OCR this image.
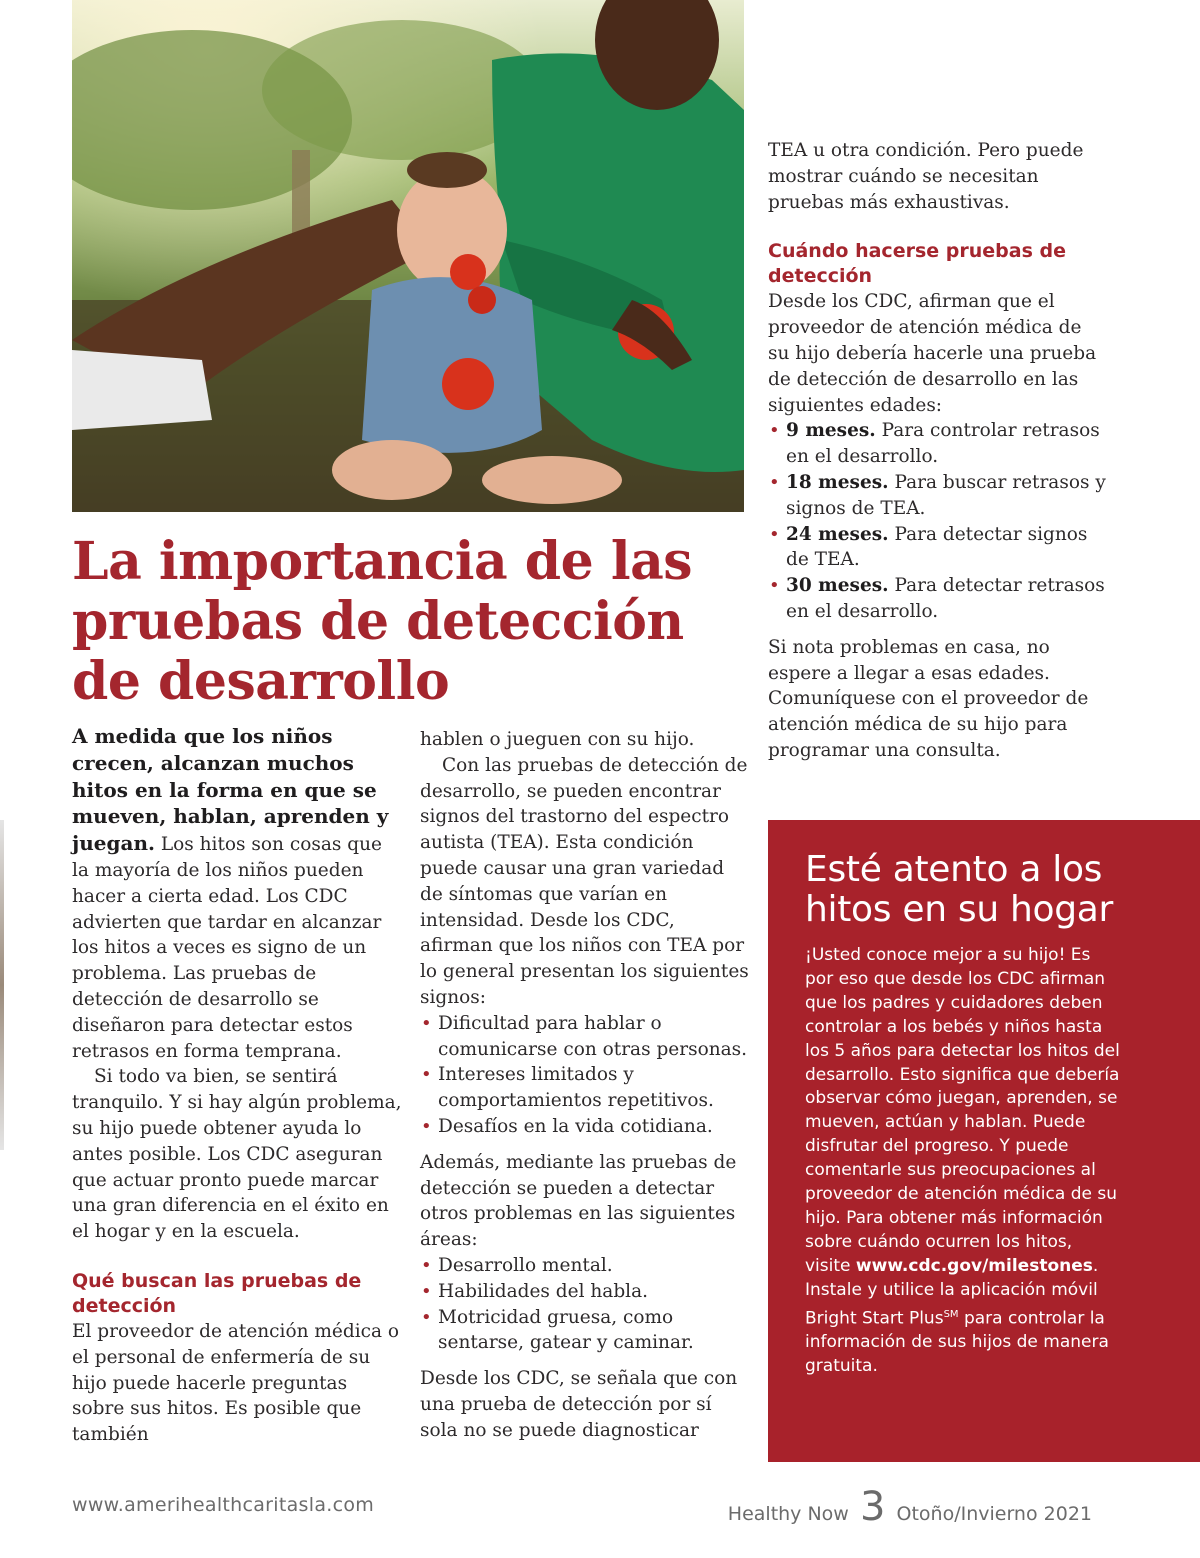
La importancia de las pruebas de detección de desarrollo

A medida que los niños crecen, alcanzan muchos hitos en la forma en que se mueven, hablan, aprenden y juegan. Los hitos son cosas que la mayoría de los niños pueden hacer a cierta edad. Los CDC advierten que tardar en alcanzar los hitos a veces es signo de un problema. Las pruebas de detección de desarrollo se diseñaron para detectar estos retrasos en forma temprana.

Si todo va bien, se sentirá tranquilo. Y si hay algún problema, su hijo puede obtener ayuda lo antes posible. Los CDC aseguran que actuar pronto puede marcar una gran diferencia en el éxito en el hogar y en la escuela.

Qué buscan las pruebas de detección

El proveedor de atención médica o el personal de enfermería de su hijo puede hacerle preguntas sobre sus hitos. Es posible que también

hablen o jueguen con su hijo.

Con las pruebas de detección de desarrollo, se pueden encontrar signos del trastorno del espectro autista (TEA). Esta condición puede causar una gran variedad de síntomas que varían en intensidad. Desde los CDC, afirman que los niños con TEA por lo general presentan los siguientes signos:

• Dificultad para hablar o comunicarse con otras personas.
• Intereses limitados y comportamientos repetitivos.
• Desafíos en la vida cotidiana.

Además, mediante las pruebas de detección se pueden a detectar otros problemas en las siguientes áreas:

• Desarrollo mental.
• Habilidades del habla.
• Motricidad gruesa, como sentarse, gatear y caminar.

Desde los CDC, se señala que con una prueba de detección por sí sola no se puede diagnosticar

TEA u otra condición. Pero puede mostrar cuándo se necesitan pruebas más exhaustivas.

Cuándo hacerse pruebas de detección

Desde los CDC, afirman que el proveedor de atención médica de su hijo debería hacerle una prueba de detección de desarrollo en las siguientes edades:

• 9 meses. Para controlar retrasos en el desarrollo.
• 18 meses. Para buscar retrasos y signos de TEA.
• 24 meses. Para detectar signos de TEA.
• 30 meses. Para detectar retrasos en el desarrollo.

Si nota problemas en casa, no espere a llegar a esas edades. Comuníquese con el proveedor de atención médica de su hijo para programar una consulta.

Esté atento a los hitos en su hogar

¡Usted conoce mejor a su hijo! Es por eso que desde los CDC afirman que los padres y cuidadores deben controlar a los bebés y niños hasta los 5 años para detectar los hitos del desarrollo. Esto significa que debería observar cómo juegan, aprenden, se mueven, actúan y hablan. Puede disfrutar del progreso. Y puede comentarle sus preocupaciones al proveedor de atención médica de su hijo. Para obtener más información sobre cuándo ocurren los hitos, visite www.cdc.gov/milestones. Instale y utilice la aplicación móvil Bright Start Plus℠ para controlar la información de sus hijos de manera gratuita.

www.amerihealthcaritasla.com	Healthy Now 3 Otoño/Invierno 2021
